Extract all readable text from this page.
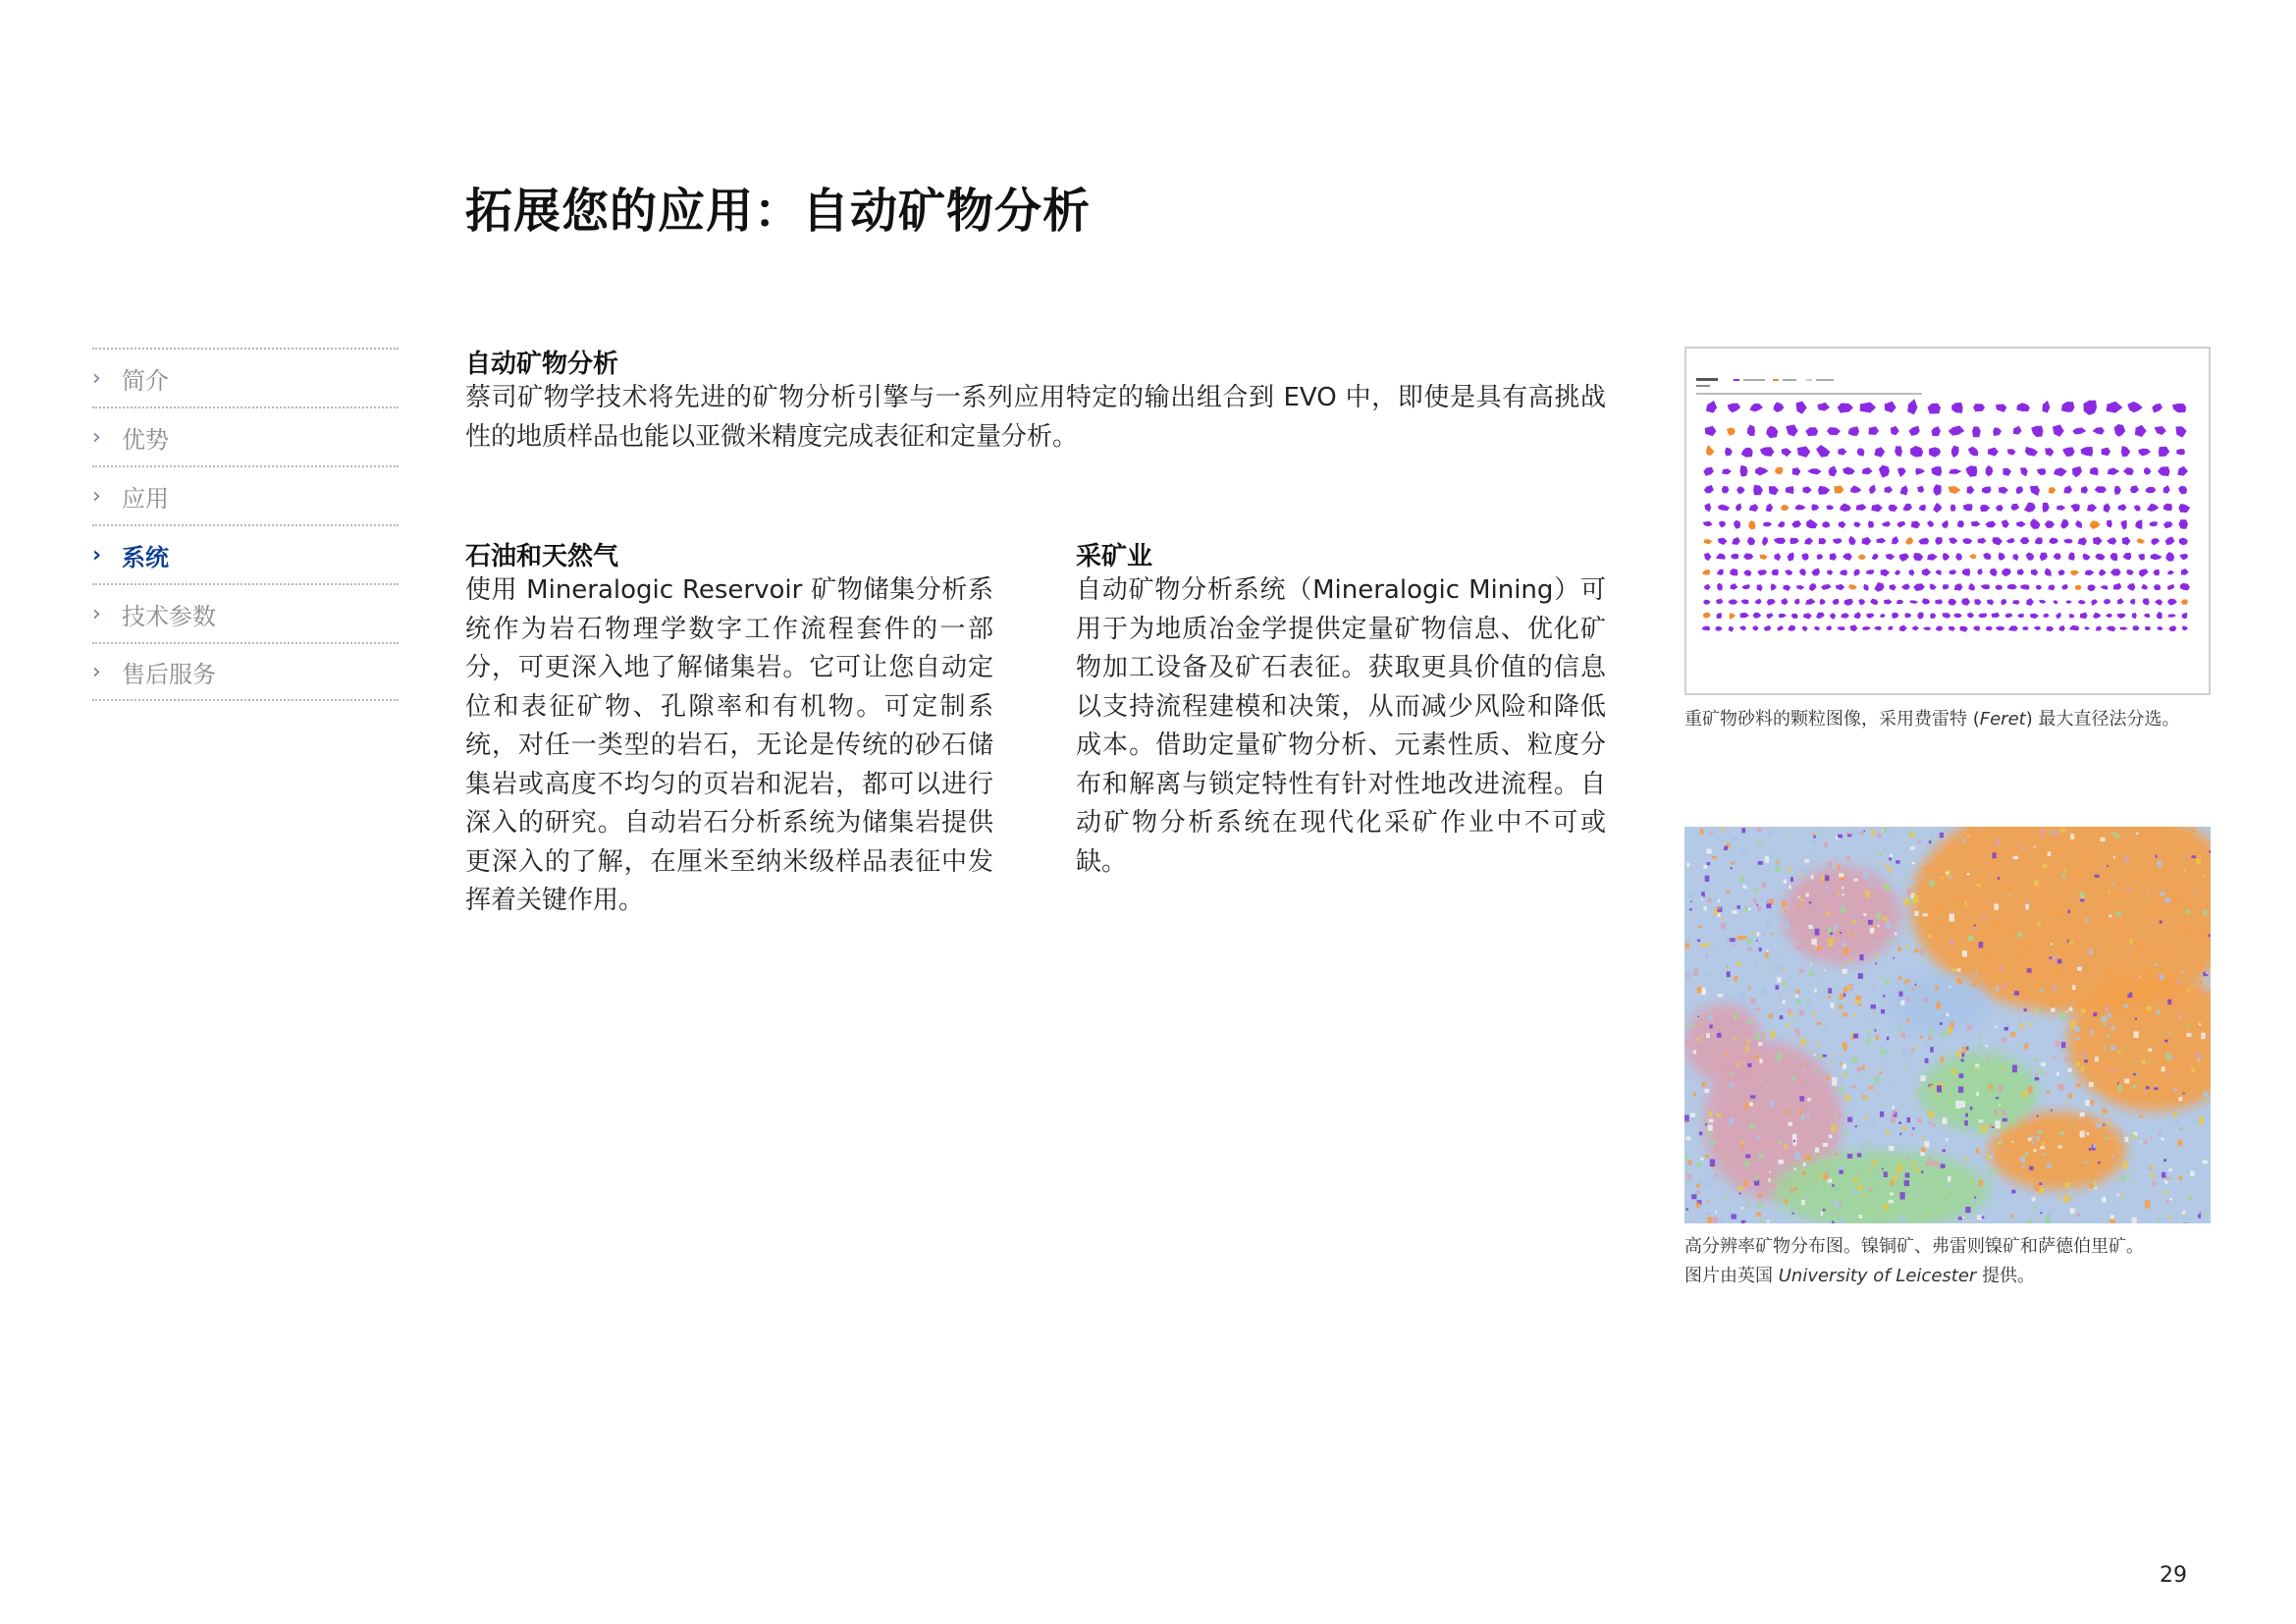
拓展您的应用：自动矿物分析
› 简介
› 优势
› 应用
› 系统
› 技术参数
› 售后服务
自动矿物分析
蔡司矿物学技术将先进的矿物分析引擎与一系列应用特定的输出组合到 EVO 中，即使是具有高挑战性的地质样品也能以亚微米精度完成表征和定量分析。
石油和天然气
使用 Mineralogic Reservoir 矿物储集分析系统作为岩石物理学数字工作流程套件的一部分，可更深入地了解储集岩。它可让您自动定位和表征矿物、孔隙率和有机物。可定制系统，对任一类型的岩石，无论是传统的砂石储集岩或高度不均匀的页岩和泥岩，都可以进行深入的研究。自动岩石分析系统为储集岩提供更深入的了解，在厘米至纳米级样品表征中发挥着关键作用。
采矿业
自动矿物分析系统（Mineralogic Mining）可用于为地质冶金学提供定量矿物信息、优化矿物加工设备及矿石表征。获取更具价值的信息以支持流程建模和决策，从而减少风险和降低成本。借助定量矿物分析、元素性质、粒度分布和解离与锁定特性有针对性地改进流程。自动矿物分析系统在现代化采矿作业中不可或缺。
重矿物砂料的颗粒图像，采用费雷特 (Feret) 最大直径法分选。
高分辨率矿物分布图。镍铜矿、弗雷则镍矿和萨德伯里矿。
图片由英国 University of Leicester 提供。
29
